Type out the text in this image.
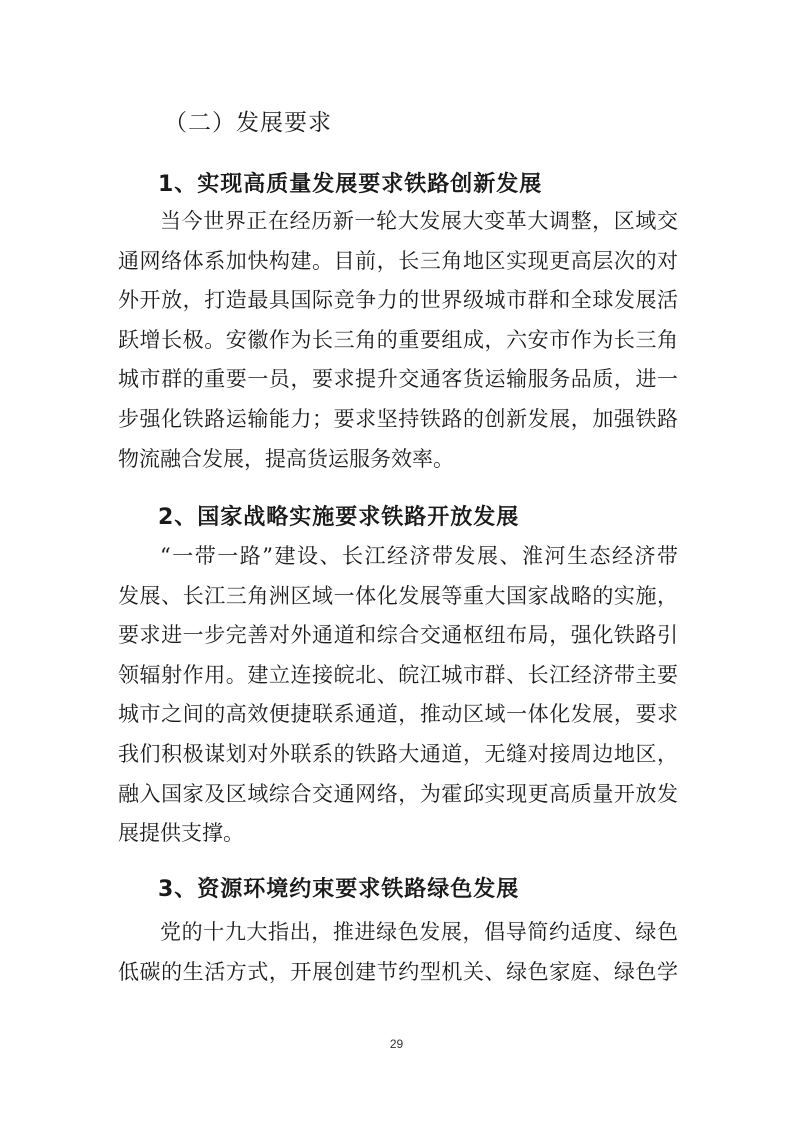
（二）发展要求
1、实现高质量发展要求铁路创新发展
当今世界正在经历新一轮大发展大变革大调整，区域交
通网络体系加快构建。目前，长三角地区实现更高层次的对
外开放，打造最具国际竞争力的世界级城市群和全球发展活
跃增长极。安徽作为长三角的重要组成，六安市作为长三角
城市群的重要一员，要求提升交通客货运输服务品质，进一
步强化铁路运输能力；要求坚持铁路的创新发展，加强铁路
物流融合发展，提高货运服务效率。
2、国家战略实施要求铁路开放发展
“一带一路”建设、长江经济带发展、淮河生态经济带
发展、长江三角洲区域一体化发展等重大国家战略的实施，
要求进一步完善对外通道和综合交通枢纽布局，强化铁路引
领辐射作用。建立连接皖北、皖江城市群、长江经济带主要
城市之间的高效便捷联系通道，推动区域一体化发展，要求
我们积极谋划对外联系的铁路大通道，无缝对接周边地区，
融入国家及区域综合交通网络，为霍邱实现更高质量开放发
展提供支撑。
3、资源环境约束要求铁路绿色发展
党的十九大指出，推进绿色发展，倡导简约适度、绿色
低碳的生活方式，开展创建节约型机关、绿色家庭、绿色学
29
